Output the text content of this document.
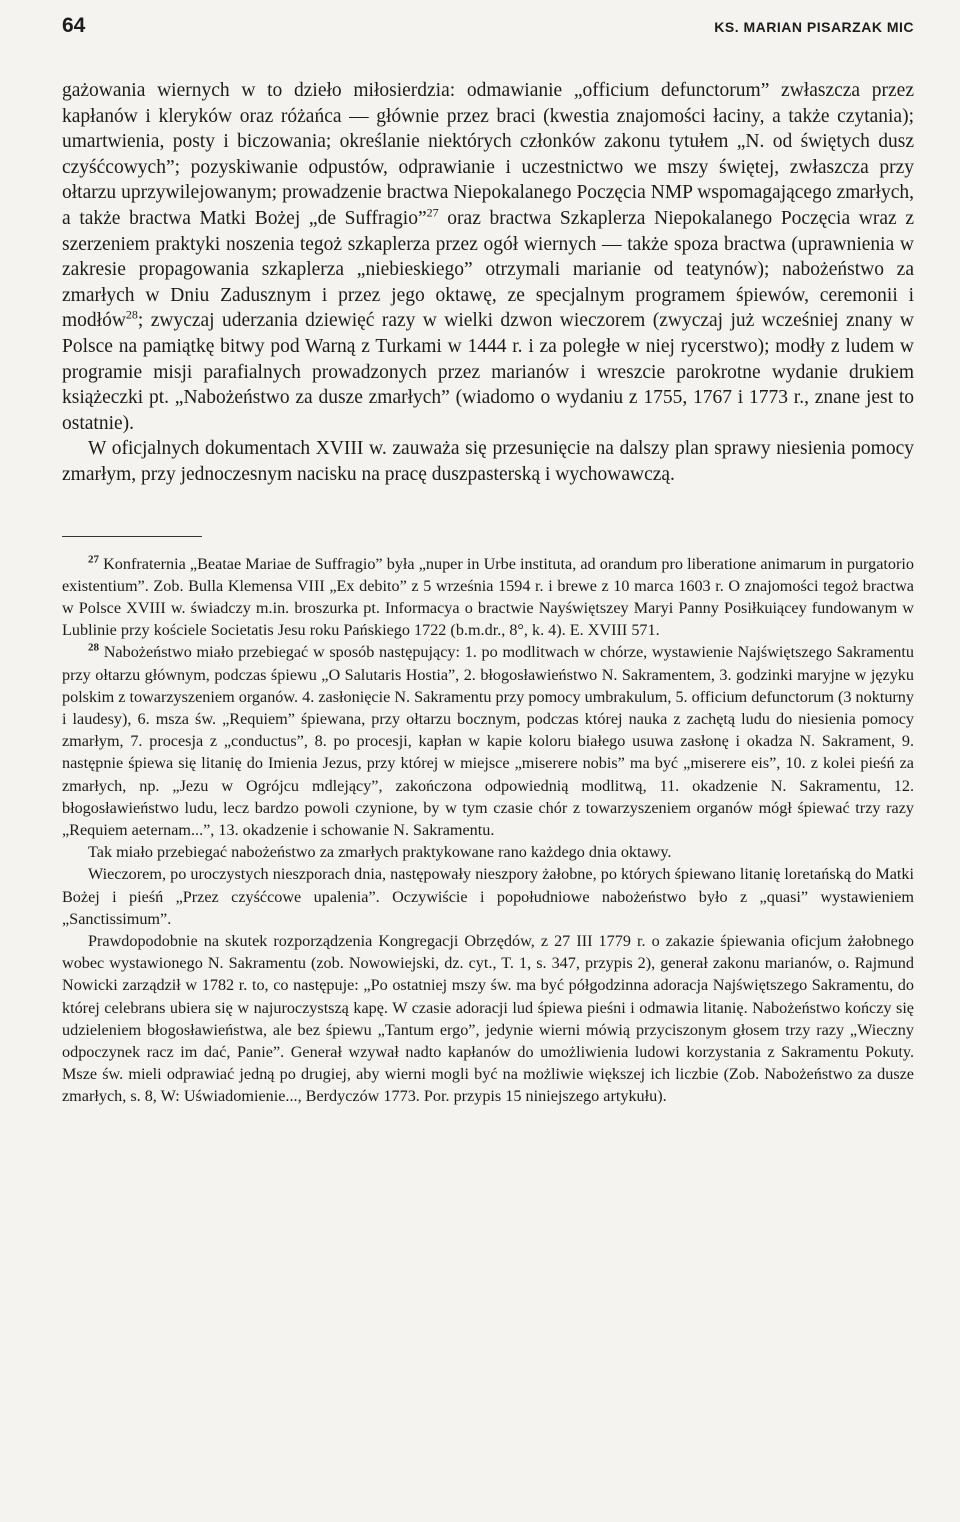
64	KS. MARIAN PISARZAK MIC

gażowania wiernych w to dzieło miłosierdzia: odmawianie „officium defunctorum” zwłaszcza przez kapłanów i kleryków oraz różańca — głównie przez braci (kwestia znajomości łaciny, a także czytania); umartwienia, posty i biczowania; określanie niektórych członków zakonu tytułem „N. od świętych dusz czyśćcowych”; pozyskiwanie odpustów, odprawianie i uczestnictwo we mszy świętej, zwłaszcza przy ołtarzu uprzywilejowanym; prowadzenie bractwa Niepokalanego Poczęcia NMP wspomagającego zmarłych, a także bractwa Matki Bożej „de Suffragio”$^{27}$ oraz bractwa Szkaplerza Niepokalanego Poczęcia wraz z szerzeniem praktyki noszenia tegoż szkaplerza przez ogół wiernych — także spoza bractwa (uprawnienia w zakresie propagowania szkaplerza „niebieskiego” otrzymali marianie od teatynów); nabożeństwo za zmarłych w Dniu Zadusznym i przez jego oktawę, ze specjalnym programem śpiewów, ceremonii i modłów$^{28}$; zwyczaj uderzania dziewięć razy w wielki dzwon wieczorem (zwyczaj już wcześniej znany w Polsce na pamiątkę bitwy pod Warną z Turkami w 1444 r. i za poległe w niej rycerstwo); modły z ludem w programie misji parafialnych prowadzonych przez marianów i wreszcie parokrotne wydanie drukiem książeczki pt. „Nabożeństwo za dusze zmarłych” (wiadomo o wydaniu z 1755, 1767 i 1773 r., znane jest to ostatnie).

W oficjalnych dokumentach XVIII w. zauważa się przesunięcie na dalszy plan sprawy niesienia pomocy zmarłym, przy jednoczesnym nacisku na pracę duszpasterską i wychowawczą.

$^{27}$ Konfraternia „Beatae Mariae de Suffragio” była „nuper in Urbe instituta, ad orandum pro liberatione animarum in purgatorio existentium”. Zob. Bulla Klemensa VIII „Ex debito” z 5 września 1594 r. i brewe z 10 marca 1603 r. O znajomości tegoż bractwa w Polsce XVIII w. świadczy m.in. broszurka pt. Informacya o bractwie Nayświętszey Maryi Panny Posiłkuiącey fundowanym w Lublinie przy kościele Societatis Jesu roku Pańskiego 1722 (b.m.dr., 8°, k. 4). E. XVIII 571.

$^{28}$ Nabożeństwo miało przebiegać w sposób następujący: 1. po modlitwach w chórze, wystawienie Najświętszego Sakramentu przy ołtarzu głównym, podczas śpiewu „O Salutaris Hostia”, 2. błogosławieństwo N. Sakramentem, 3. godzinki maryjne w języku polskim z towarzyszeniem organów. 4. zasłonięcie N. Sakramentu przy pomocy umbrakulum, 5. officium defunctorum (3 nokturny i laudesy), 6. msza św. „Requiem” śpiewana, przy ołtarzu bocznym, podczas której nauka z zachętą ludu do niesienia pomocy zmarłym, 7. procesja z „conductus”, 8. po procesji, kapłan w kapie koloru białego usuwa zasłonę i okadza N. Sakrament, 9. następnie śpiewa się litanię do Imienia Jezus, przy której w miejsce „miserere nobis” ma być „miserere eis”, 10. z kolei pieśń za zmarłych, np. „Jezu w Ogrójcu mdlejący”, zakończona odpowiednią modlitwą, 11. okadzenie N. Sakramentu, 12. błogosławieństwo ludu, lecz bardzo powoli czynione, by w tym czasie chór z towarzyszeniem organów mógł śpiewać trzy razy „Requiem aeternam...”, 13. okadzenie i schowanie N. Sakramentu.

Tak miało przebiegać nabożeństwo za zmarłych praktykowane rano każdego dnia oktawy.

Wieczorem, po uroczystych nieszporach dnia, następowały nieszpory żałobne, po których śpiewano litanię loretańską do Matki Bożej i pieśń „Przez czyśćcowe upalenia”. Oczywiście i popołudniowe nabożeństwo było z „quasi” wystawieniem „Sanctissimum”.

Prawdopodobnie na skutek rozporządzenia Kongregacji Obrzędów, z 27 III 1779 r. o zakazie śpiewania oficjum żałobnego wobec wystawionego N. Sakramentu (zob. Nowowiejski, dz. cyt., T. 1, s. 347, przypis 2), generał zakonu marianów, o. Rajmund Nowicki zarządził w 1782 r. to, co następuje: „Po ostatniej mszy św. ma być półgodzinna adoracja Najświętszego Sakramentu, do której celebrans ubiera się w najuroczystszą kapę. W czasie adoracji lud śpiewa pieśni i odmawia litanię. Nabożeństwo kończy się udzieleniem błogosławieństwa, ale bez śpiewu „Tantum ergo”, jedynie wierni mówią przyciszonym głosem trzy razy „Wieczny odpoczynek racz im dać, Panie”. Generał wzywał nadto kapłanów do umożliwienia ludowi korzystania z Sakramentu Pokuty. Msze św. mieli odprawiać jedną po drugiej, aby wierni mogli być na możliwie większej ich liczbie (Zob. Nabożeństwo za dusze zmarłych, s. 8, W: Uświadomienie..., Berdyczów 1773. Por. przypis 15 niniejszego artykułu).
